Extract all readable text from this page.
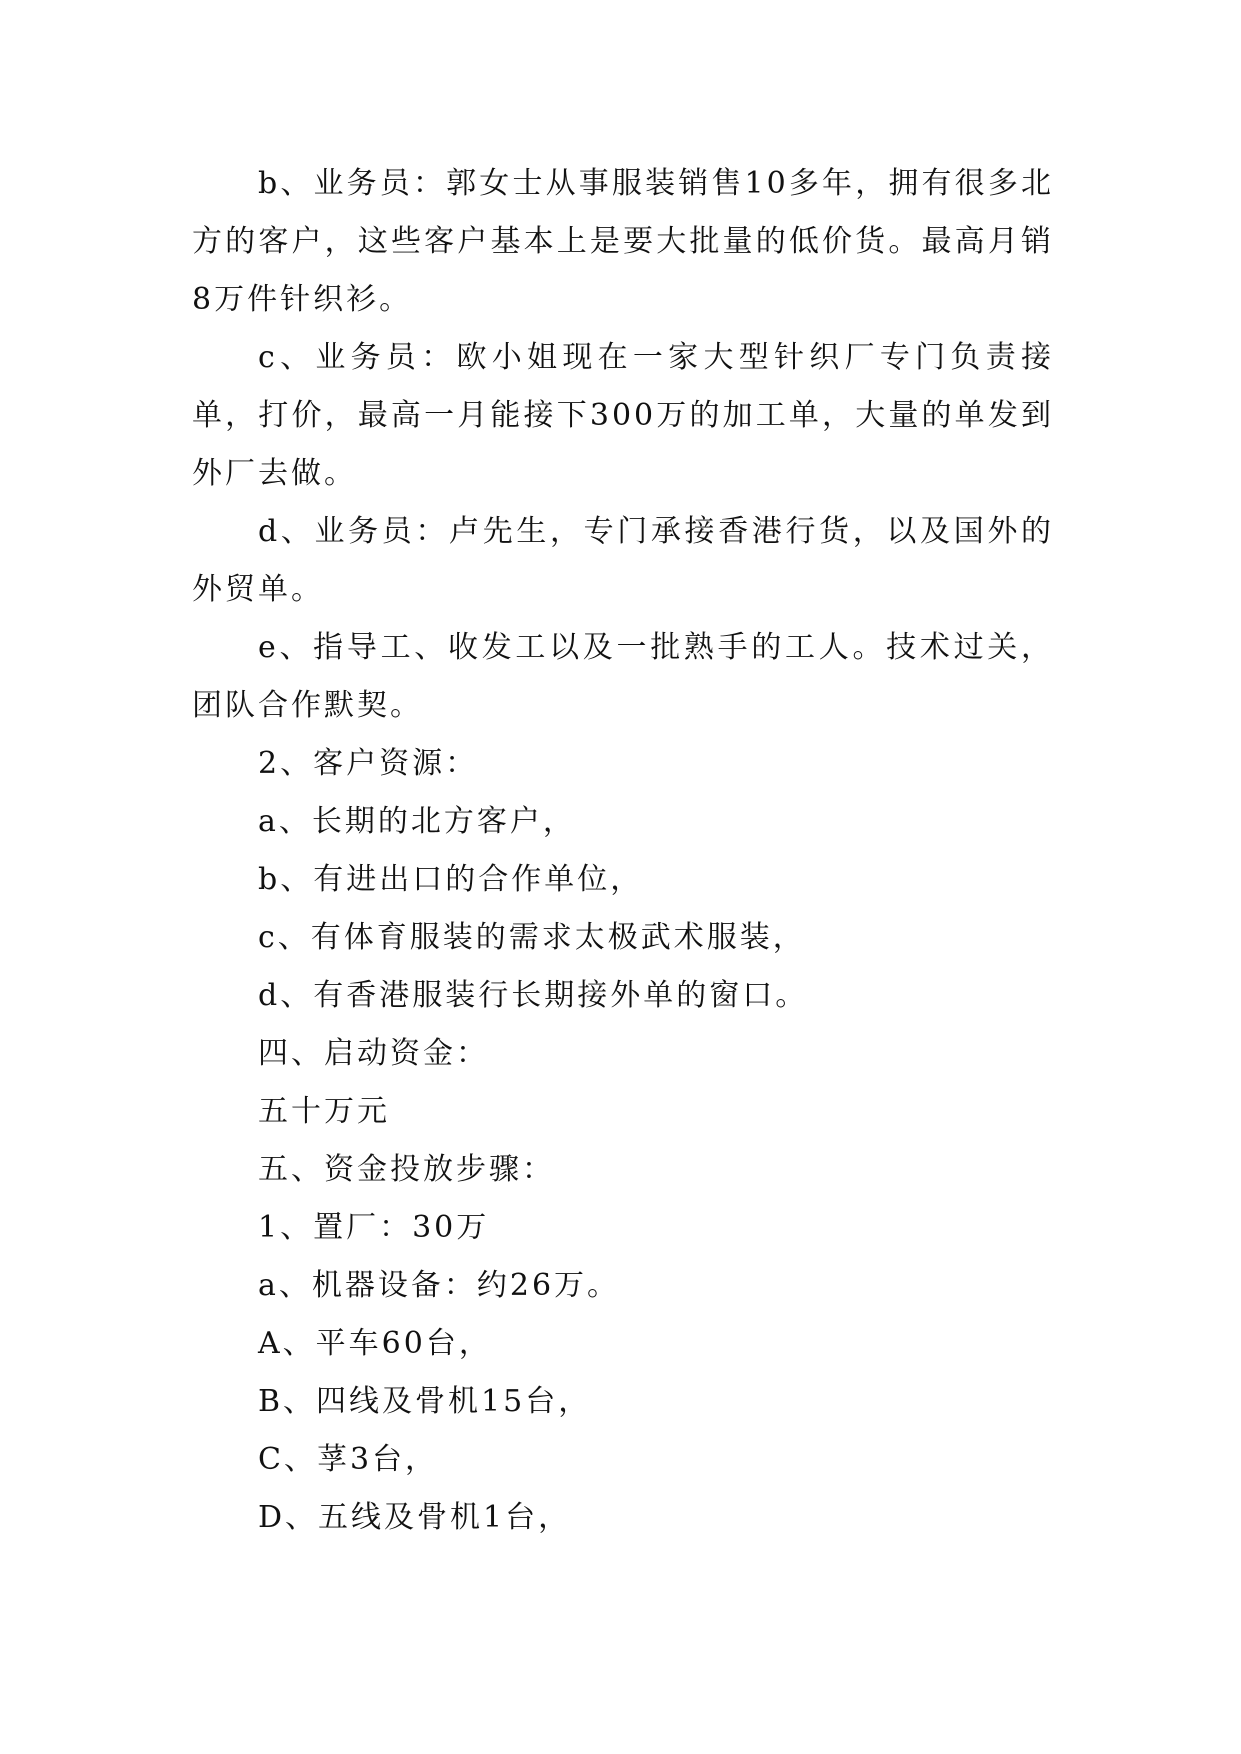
b、业务员：郭女士从事服装销售10多年，拥有很多北方的客户，这些客户基本上是要大批量的低价货。最高月销8万件针织衫。

c、业务员：欧小姐现在一家大型针织厂专门负责接单，打价，最高一月能接下300万的加工单，大量的单发到外厂去做。

d、业务员：卢先生，专门承接香港行货，以及国外的外贸单。

e、指导工、收发工以及一批熟手的工人。技术过关，团队合作默契。

2、客户资源：

a、长期的北方客户，

b、有进出口的合作单位，

c、有体育服装的需求太极武术服装，

d、有香港服装行长期接外单的窗口。

四、启动资金：

五十万元

五、资金投放步骤：

1、置厂：30万

a、机器设备：约26万。

A、平车60台，

B、四线及骨机15台，

C、莩3台，

D、五线及骨机1台，
